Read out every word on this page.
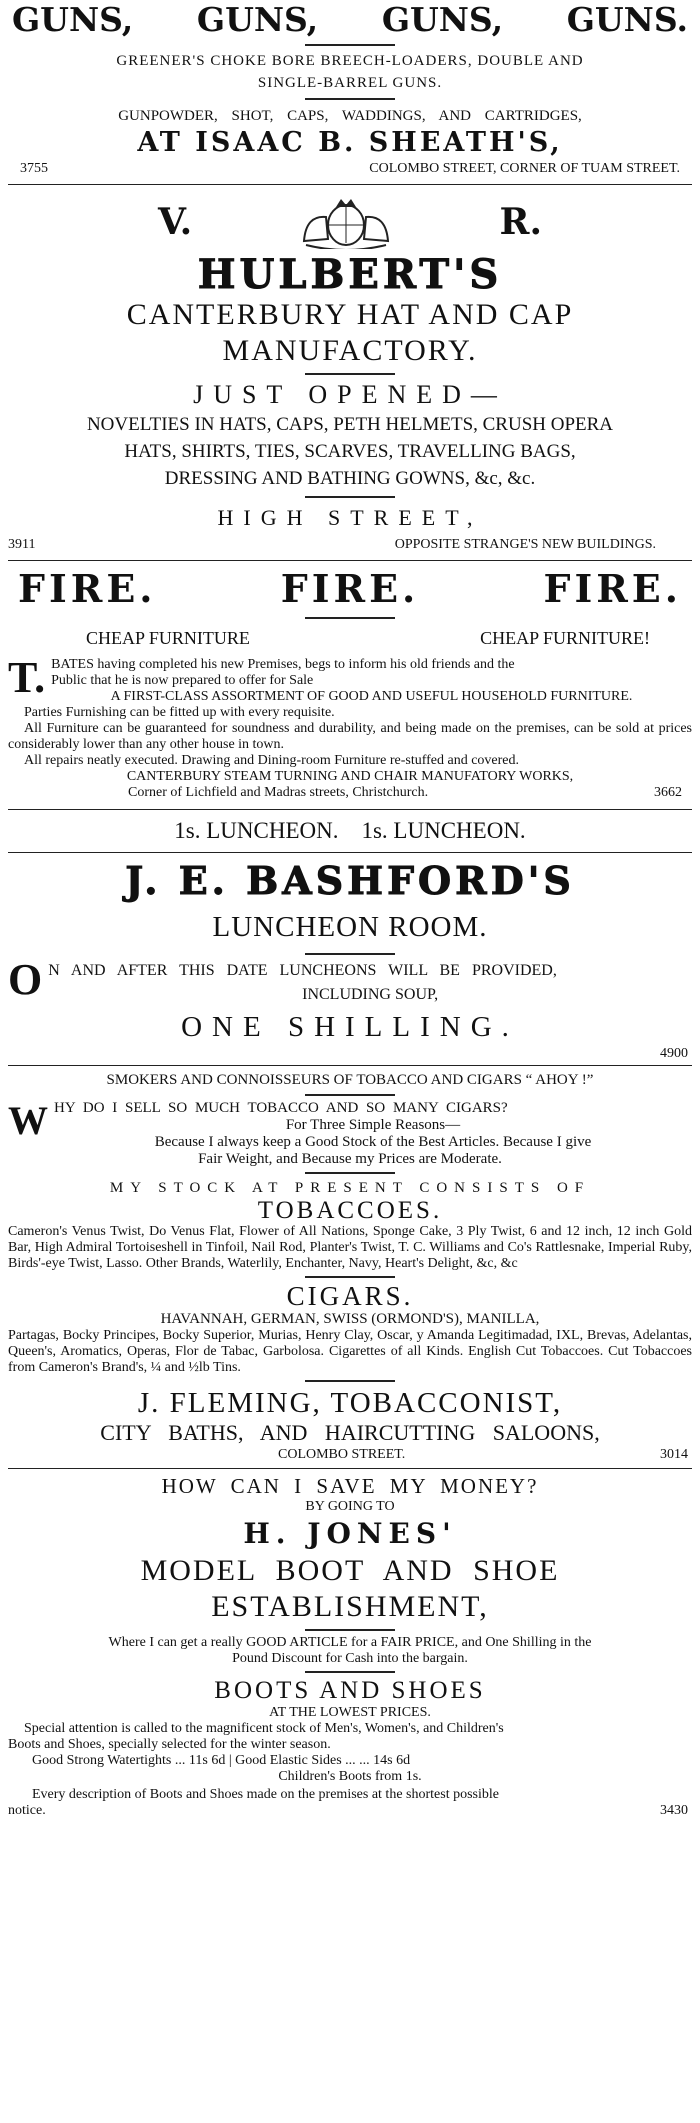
GUNS, GUNS, GUNS, GUNS.
GREENER'S CHOKE BORE BREECH-LOADERS, DOUBLE AND
SINGLE-BARREL GUNS.
GUNPOWDER, SHOT, CAPS, WADDINGS, AND CARTRIDGES,
AT ISAAC B. SHEATH'S,
3755	COLOMBO STREET, CORNER OF TUAM STREET.
V.	R.
HULBERT'S
CANTERBURY HAT AND CAP
MANUFACTORY.
JUST OPENED—
NOVELTIES IN HATS, CAPS, PETH HELMETS, CRUSH OPERA
HATS, SHIRTS, TIES, SCARVES, TRAVELLING BAGS,
DRESSING AND BATHING GOWNS, &c, &c.
HIGH STREET,
3911	OPPOSITE STRANGE'S NEW BUILDINGS.
FIRE.	FIRE.	FIRE.
CHEAP FURNITURE	CHEAP FURNITURE!
T. BATES having completed his new Premises, begs to inform his old friends and the
Public that he is now prepared to offer for Sale
A FIRST-CLASS ASSORTMENT OF GOOD AND USEFUL HOUSEHOLD FURNITURE.
Parties Furnishing can be fitted up with every requisite.
All Furniture can be guaranteed for soundness and durability, and being made on the premises, can be sold at prices considerably lower than any other house in town.
All repairs neatly executed. Drawing and Dining-room Furniture re-stuffed and covered.
CANTERBURY STEAM TURNING AND CHAIR MANUFATORY WORKS,
Corner of Lichfield and Madras streets, Christchurch.	3662
1s. LUNCHEON.    1s. LUNCHEON.
J. E. BASHFORD'S
LUNCHEON ROOM.
O N AND AFTER THIS DATE LUNCHEONS WILL BE PROVIDED,
INCLUDING SOUP,
ONE SHILLING.
4900
SMOKERS AND CONNOISSEURS OF TOBACCO AND CIGARS “ AHOY !”
W HY DO I SELL SO MUCH TOBACCO AND SO MANY CIGARS?
For Three Simple Reasons—
Because I always keep a Good Stock of the Best Articles. Because I give
Fair Weight, and Because my Prices are Moderate.
MY STOCK AT PRESENT CONSISTS OF
TOBACCOES.
Cameron's Venus Twist, Do Venus Flat, Flower of All Nations, Sponge Cake, 3 Ply Twist, 6 and 12 inch, 12 inch Gold Bar, High Admiral Tortoiseshell in Tinfoil, Nail Rod, Planter's Twist, T. C. Williams and Co's Rattlesnake, Imperial Ruby, Birds'-eye Twist, Lasso. Other Brands, Waterlily, Enchanter, Navy, Heart's Delight, &c, &c
CIGARS.
HAVANNAH, GERMAN, SWISS (ORMOND'S), MANILLA,
Partagas, Bocky Principes, Bocky Superior, Murias, Henry Clay, Oscar, y Amanda Legitimadad, IXL, Brevas, Adelantas, Queen's, Aromatics, Operas, Flor de Tabac, Garbolosa. Cigarettes of all Kinds. English Cut Tobaccoes. Cut Tobaccoes from Cameron's Brand's, ¼ and ½lb Tins.
J. FLEMING, TOBACCONIST,
CITY BATHS, AND HAIRCUTTING SALOONS,
COLOMBO STREET.	3014
HOW CAN I SAVE MY MONEY?
BY GOING TO
H. JONES'
MODEL BOOT AND SHOE
ESTABLISHMENT,
Where I can get a really GOOD ARTICLE for a FAIR PRICE, and One Shilling in the
Pound Discount for Cash into the bargain.
BOOTS AND SHOES
AT THE LOWEST PRICES.
Special attention is called to the magnificent stock of Men's, Women's, and Children's
Boots and Shoes, specially selected for the winter season.
Good Strong Watertights ... 11s 6d | Good Elastic Sides ... ... 14s 6d
Children's Boots from 1s.
Every description of Boots and Shoes made on the premises at the shortest possible
notice.	3430
